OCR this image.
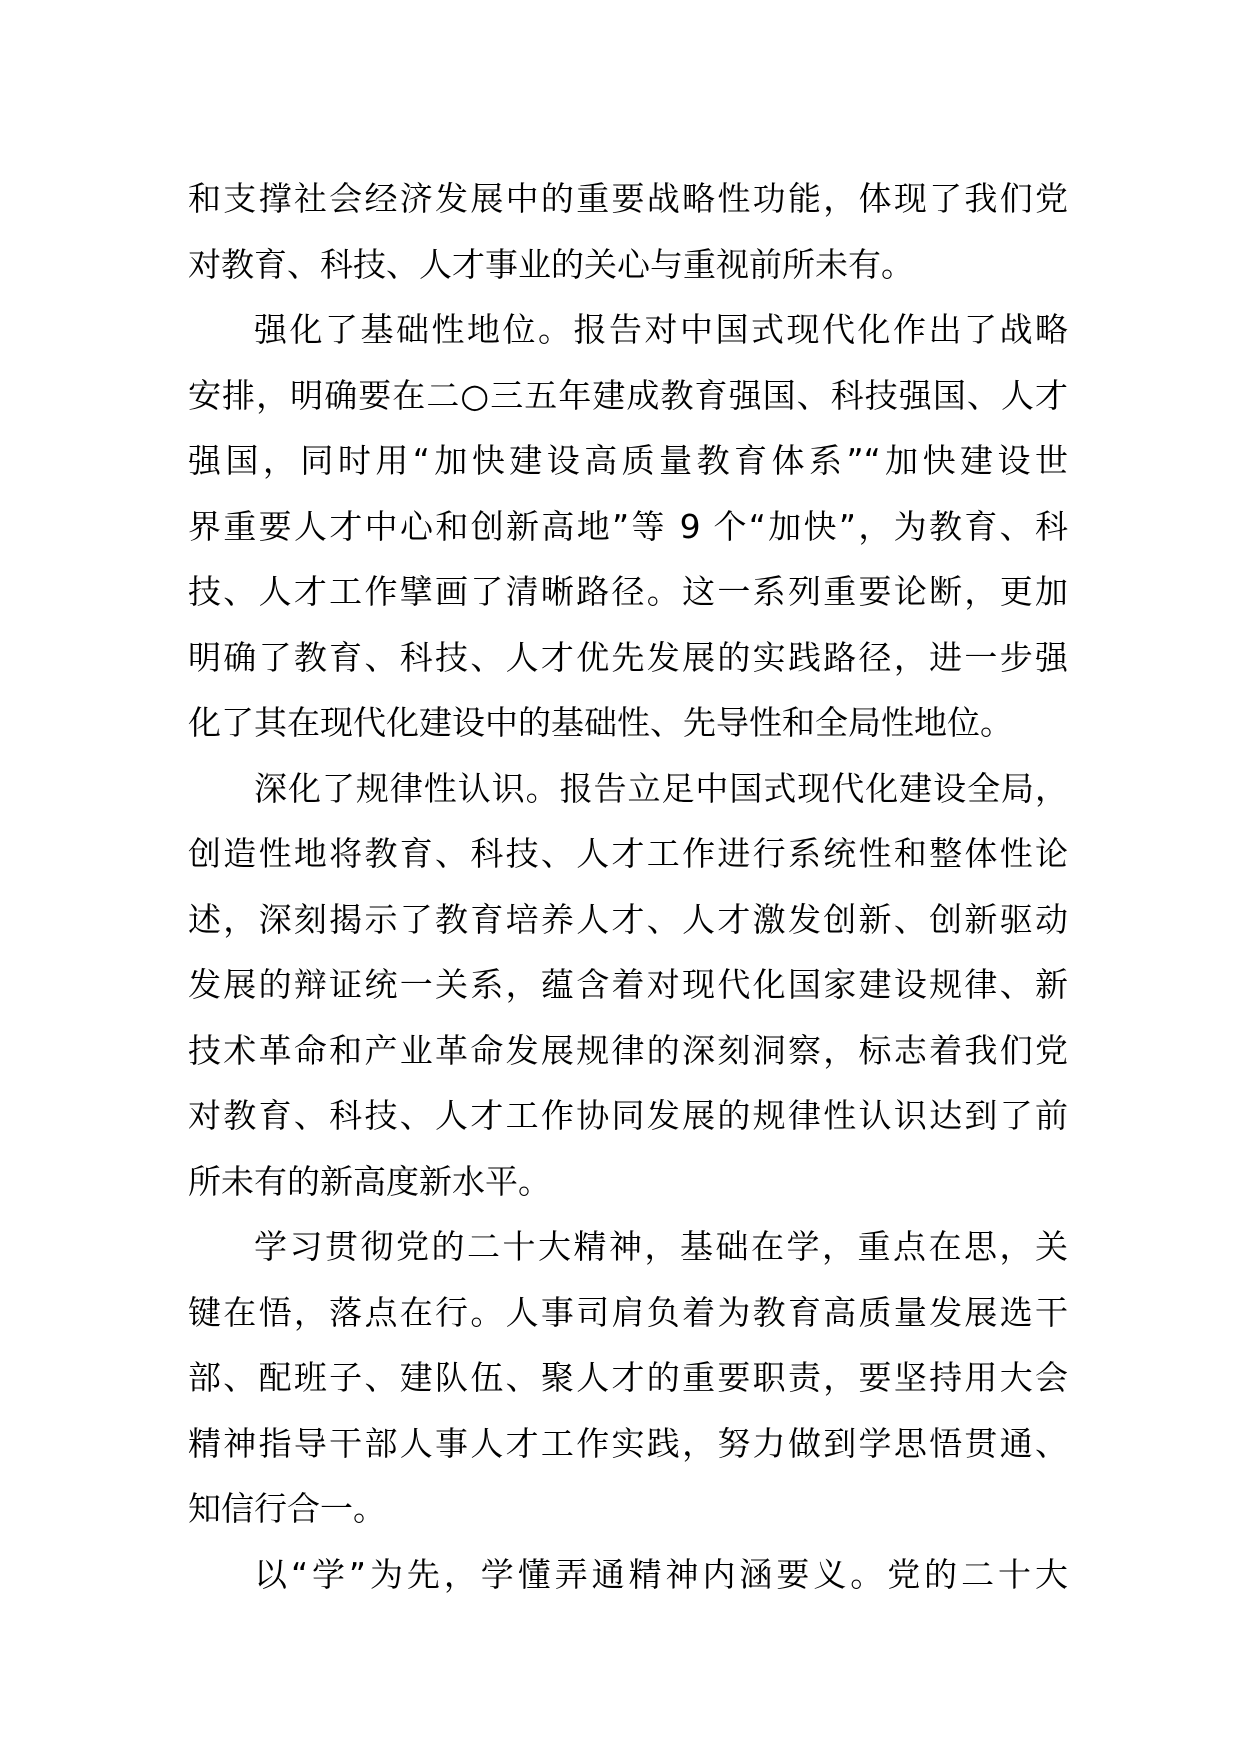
和支撑社会经济发展中的重要战略性功能，体现了我们党
对教育、科技、人才事业的关心与重视前所未有。
强化了基础性地位。报告对中国式现代化作出了战略
安排，明确要在二○三五年建成教育强国、科技强国、人才
强国，同时用“加快建设高质量教育体系”“加快建设世
界重要人才中心和创新高地”等 9 个“加快”，为教育、科
技、人才工作擘画了清晰路径。这一系列重要论断，更加
明确了教育、科技、人才优先发展的实践路径，进一步强
化了其在现代化建设中的基础性、先导性和全局性地位。
深化了规律性认识。报告立足中国式现代化建设全局，
创造性地将教育、科技、人才工作进行系统性和整体性论
述，深刻揭示了教育培养人才、人才激发创新、创新驱动
发展的辩证统一关系，蕴含着对现代化国家建设规律、新
技术革命和产业革命发展规律的深刻洞察，标志着我们党
对教育、科技、人才工作协同发展的规律性认识达到了前
所未有的新高度新水平。
学习贯彻党的二十大精神，基础在学，重点在思，关
键在悟，落点在行。人事司肩负着为教育高质量发展选干
部、配班子、建队伍、聚人才的重要职责，要坚持用大会
精神指导干部人事人才工作实践，努力做到学思悟贯通、
知信行合一。
以“学”为先，学懂弄通精神内涵要义。党的二十大
